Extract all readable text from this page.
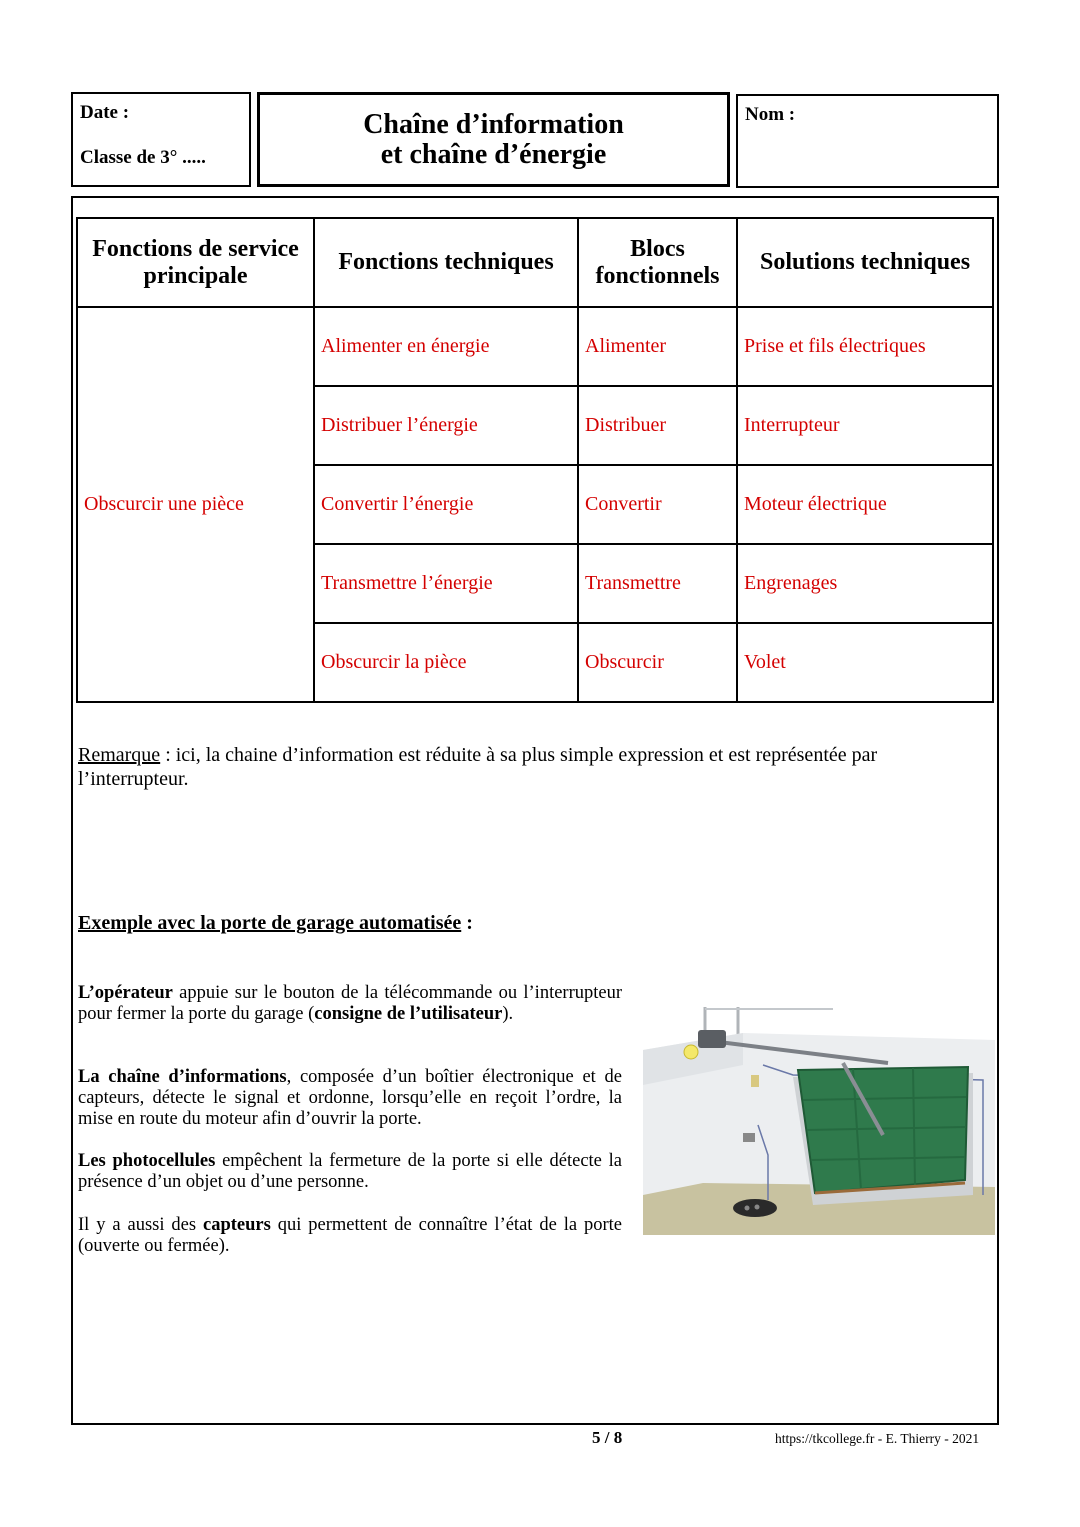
Date :
Classe de 3° .....
Chaîne d’information
et chaîne d’énergie
Nom :
Fonctions de service principale	Fonctions techniques	Blocs fonctionnels	Solutions techniques
Obscurcir une pièce	Alimenter en énergie	Alimenter	Prise et fils électriques
	Distribuer l’énergie	Distribuer	Interrupteur
	Convertir l’énergie	Convertir	Moteur électrique
	Transmettre l’énergie	Transmettre	Engrenages
	Obscurcir la pièce	Obscurcir	Volet
Remarque : ici, la chaine d’information est réduite à sa plus simple expression et est représentée par l’interrupteur.
Exemple avec la porte de garage automatisée :
L’opérateur appuie sur le bouton de la télécommande ou l’interrupteur pour fermer la porte du garage (consigne de l’utilisateur).
La chaîne d’informations, composée d’un boîtier électronique et de capteurs, détecte le signal et ordonne, lorsqu’elle en reçoit l’ordre, la mise en route du moteur afin d’ouvrir la porte.
Les photocellules empêchent la fermeture de la porte si elle détecte la présence d’un objet ou d’une personne.
Il y a aussi des capteurs qui permettent de connaître l’état de la porte (ouverte ou fermée).
5 / 8	https://tkcollege.fr - E. Thierry - 2021
